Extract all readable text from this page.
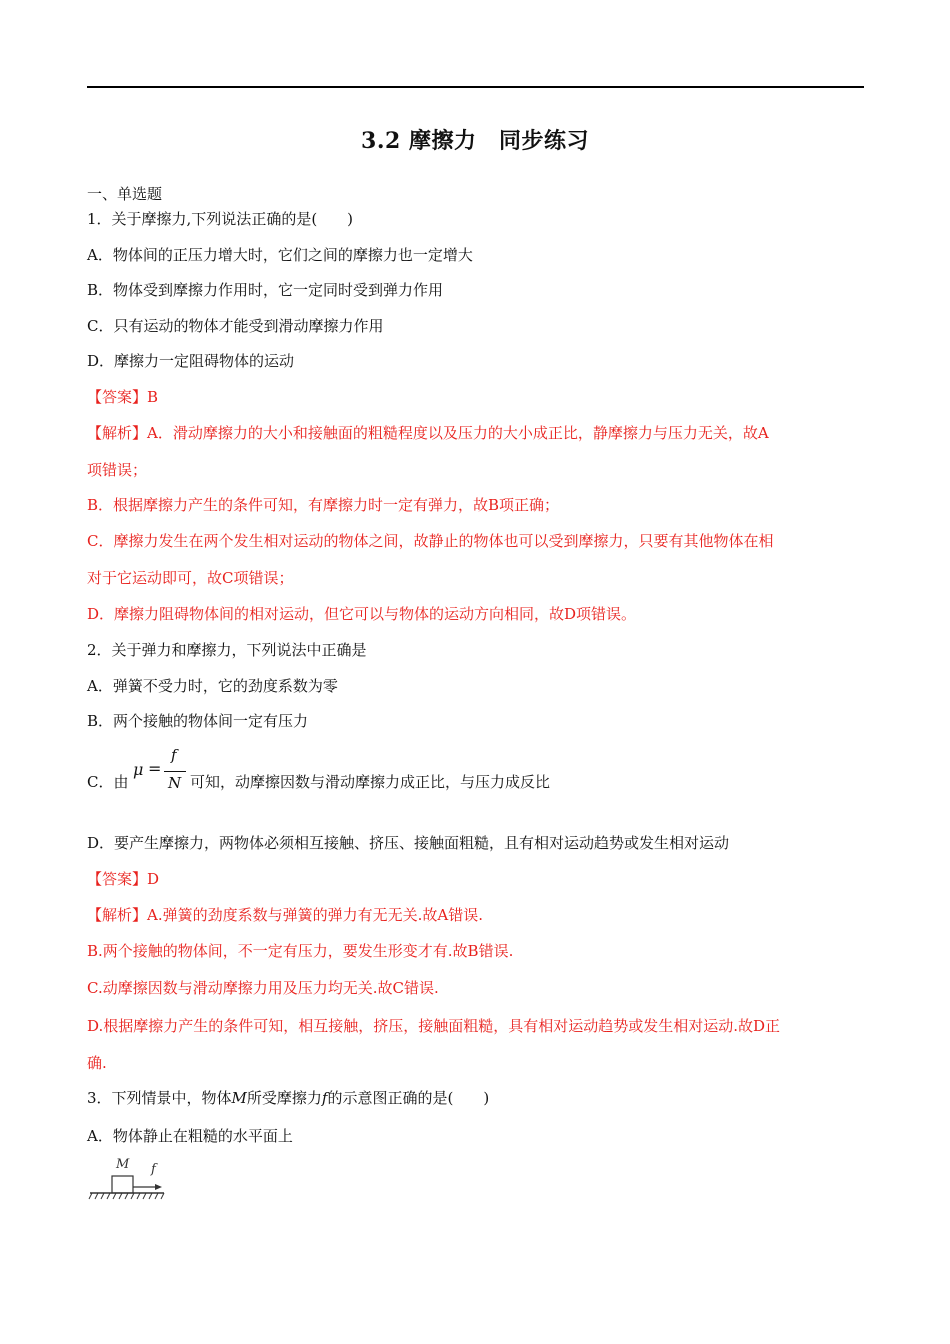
3.2 摩擦力　同步练习
一、单选题
1．关于摩擦力,下列说法正确的是(　　)
A．物体间的正压力增大时，它们之间的摩擦力也一定增大
B．物体受到摩擦力作用时，它一定同时受到弹力作用
C．只有运动的物体才能受到滑动摩擦力作用
D．摩擦力一定阻碍物体的运动
【答案】B
【解析】A．滑动摩擦力的大小和接触面的粗糙程度以及压力的大小成正比，静摩擦力与压力无关，故A
项错误；
B．根据摩擦力产生的条件可知，有摩擦力时一定有弹力，故B项正确；
C．摩擦力发生在两个发生相对运动的物体之间，故静止的物体也可以受到摩擦力，只要有其他物体在相
对于它运动即可，故C项错误；
D．摩擦力阻碍物体间的相对运动，但它可以与物体的运动方向相同，故D项错误。
2．关于弹力和摩擦力，下列说法中正确是
A．弹簧不受力时，它的劲度系数为零
B．两个接触的物体间一定有压力
C．由
μ =
f
N 可知，动摩擦因数与滑动摩擦力成正比，与压力成反比
D．要产生摩擦力，两物体必须相互接触、挤压、接触面粗糙，且有相对运动趋势或发生相对运动
【答案】D
【解析】A.弹簧的劲度系数与弹簧的弹力有无无关.故A错误.
B.两个接触的物体间，不一定有压力，要发生形变才有.故B错误.
C.动摩擦因数与滑动摩擦力用及压力均无关.故C错误.
D.根据摩擦力产生的条件可知，相互接触，挤压，接触面粗糙，具有相对运动趋势或发生相对运动.故D正
确.
3．下列情景中，物体M所受摩擦力f的示意图正确的是(　　)
A．物体静止在粗糙的水平面上
M f
